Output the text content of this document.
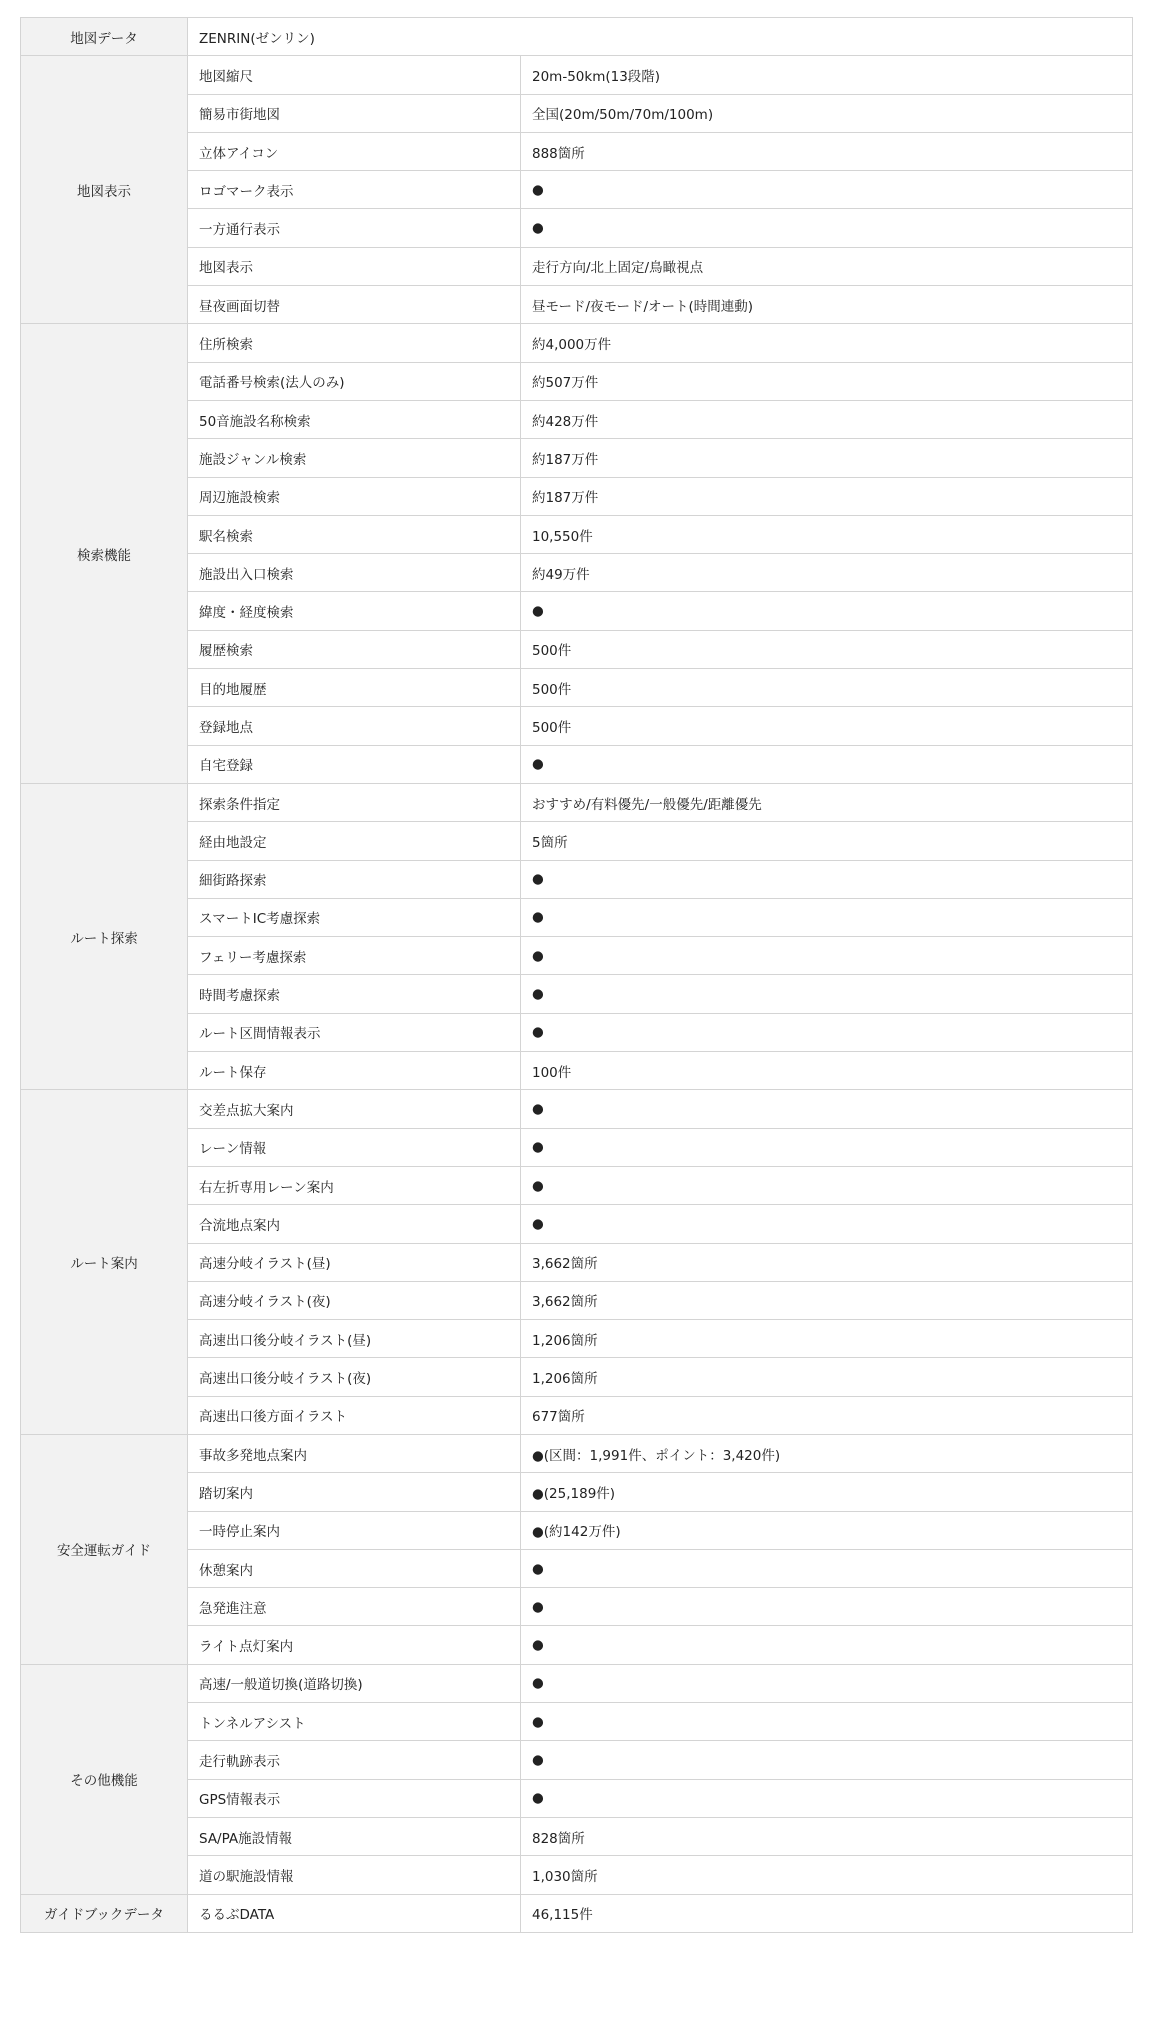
地図データ	ZENRIN(ゼンリン)	
地図表示	地図縮尺	20m-50km(13段階)
	簡易市街地図	全国(20m/50m/70m/100m)
	立体アイコン	888箇所
	ロゴマーク表示	●
	一方通行表示	●
	地図表示	走行方向/北上固定/鳥瞰視点
	昼夜画面切替	昼モード/夜モード/オート(時間連動)
検索機能	住所検索	約4,000万件
	電話番号検索(法人のみ)	約507万件
	50音施設名称検索	約428万件
	施設ジャンル検索	約187万件
	周辺施設検索	約187万件
	駅名検索	10,550件
	施設出入口検索	約49万件
	緯度・経度検索	●
	履歴検索	500件
	目的地履歴	500件
	登録地点	500件
	自宅登録	●
ルート探索	探索条件指定	おすすめ/有料優先/一般優先/距離優先
	経由地設定	5箇所
	細街路探索	●
	スマートIC考慮探索	●
	フェリー考慮探索	●
	時間考慮探索	●
	ルート区間情報表示	●
	ルート保存	100件
ルート案内	交差点拡大案内	●
	レーン情報	●
	右左折専用レーン案内	●
	合流地点案内	●
	高速分岐イラスト(昼)	3,662箇所
	高速分岐イラスト(夜)	3,662箇所
	高速出口後分岐イラスト(昼)	1,206箇所
	高速出口後分岐イラスト(夜)	1,206箇所
	高速出口後方面イラスト	677箇所
安全運転ガイド	事故多発地点案内	●(区間：1,991件、ポイント：3,420件)
	踏切案内	●(25,189件)
	一時停止案内	●(約142万件)
	休憩案内	●
	急発進注意	●
	ライト点灯案内	●
その他機能	高速/一般道切換(道路切換)	●
	トンネルアシスト	●
	走行軌跡表示	●
	GPS情報表示	●
	SA/PA施設情報	828箇所
	道の駅施設情報	1,030箇所
ガイドブックデータ	るるぶDATA	46,115件
